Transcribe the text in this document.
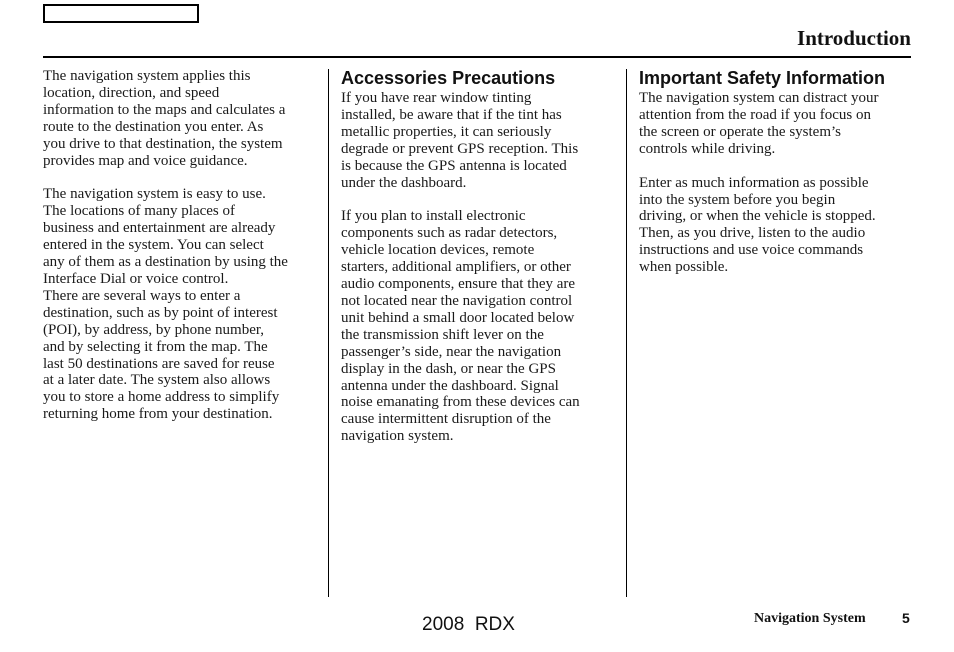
Introduction

The navigation system applies this
location, direction, and speed
information to the maps and calculates a
route to the destination you enter. As
you drive to that destination, the system
provides map and voice guidance.

The navigation system is easy to use.
The locations of many places of
business and entertainment are already
entered in the system. You can select
any of them as a destination by using the
Interface Dial or voice control.
There are several ways to enter a
destination, such as by point of interest
(POI), by address, by phone number,
and by selecting it from the map. The
last 50 destinations are saved for reuse
at a later date. The system also allows
you to store a home address to simplify
returning home from your destination.

Accessories Precautions

If you have rear window tinting
installed, be aware that if the tint has
metallic properties, it can seriously
degrade or prevent GPS reception. This
is because the GPS antenna is located
under the dashboard.

If you plan to install electronic
components such as radar detectors,
vehicle location devices, remote
starters, additional amplifiers, or other
audio components, ensure that they are
not located near the navigation control
unit behind a small door located below
the transmission shift lever on the
passenger’s side, near the navigation
display in the dash, or near the GPS
antenna under the dashboard. Signal
noise emanating from these devices can
cause intermittent disruption of the
navigation system.

Important Safety Information

The navigation system can distract your
attention from the road if you focus on
the screen or operate the system’s
controls while driving.

Enter as much information as possible
into the system before you begin
driving, or when the vehicle is stopped.
Then, as you drive, listen to the audio
instructions and use voice commands
when possible.

2008  RDX	Navigation System	5
